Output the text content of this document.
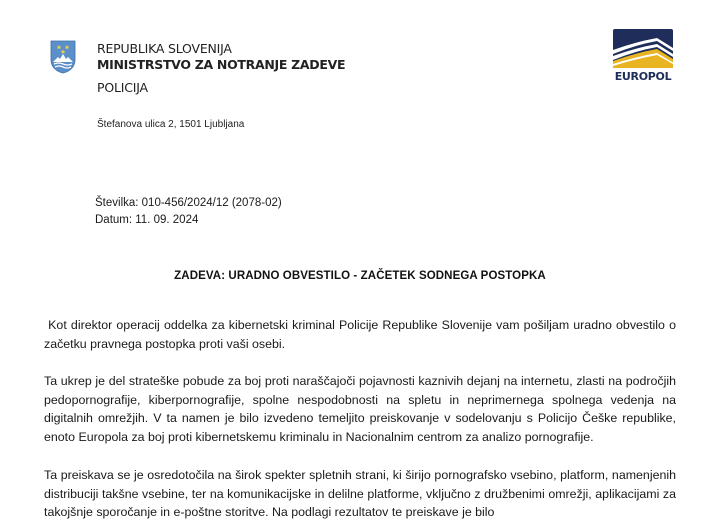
REPUBLIKA SLOVENIJA
MINISTRSTVO ZA NOTRANJE ZADEVE
POLICIJA
Štefanova ulica 2, 1501 Ljubljana
EUROPOL
Številka: 010-456/2024/12 (2078-02)
Datum: 11. 09. 2024
ZADEVA: URADNO OBVESTILO - ZAČETEK SODNEGA POSTOPKA

Kot direktor operacij oddelka za kibernetski kriminal Policije Republike Slovenije vam pošiljam uradno obvestilo o začetku pravnega postopka proti vaši osebi.

Ta ukrep je del strateške pobude za boj proti naraščajoči pojavnosti kaznivih dejanj na internetu, zlasti na področjih pedopornografije, kiberpornografije, spolne nespodobnosti na spletu in neprimernega spolnega vedenja na digitalnih omrežjih. V ta namen je bilo izvedeno temeljito preiskovanje v sodelovanju s Policijo Češke republike, enoto Europola za boj proti kibernetskemu kriminalu in Nacionalnim centrom za analizo pornografije.

Ta preiskava se je osredotočila na širok spekter spletnih strani, ki širijo pornografsko vsebino, platform, namenjenih distribuciji takšne vsebine, ter na komunikacijske in delilne platforme, vključno z družbenimi omrežji, aplikacijami za takojšnje sporočanje in e-poštne storitve. Na podlagi rezultatov te preiskave je bilo
